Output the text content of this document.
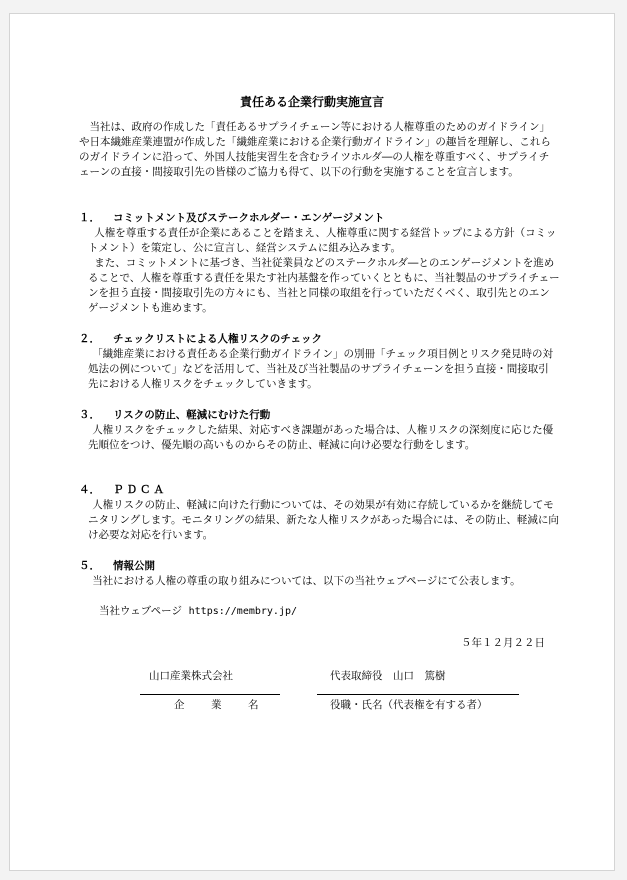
責任ある企業行動実施宣言
当社は、政府の作成した「責任あるサプライチェーン等における人権尊重のためのガイドライン」や日本繊維産業連盟が作成した「繊維産業における企業行動ガイドライン」の趣旨を理解し、これらのガイドラインに沿って、外国人技能実習生を含むライツホルダ―の人権を尊重すべく、サプライチェーンの直接・間接取引先の皆様のご協力も得て、以下の行動を実施することを宣言します。
１． コミットメント及びステークホルダー・エンゲージメント
人権を尊重する責任が企業にあることを踏まえ、人権尊重に関する経営トップによる方針（コミットメント）を策定し、公に宣言し、経営システムに組み込みます。
また、コミットメントに基づき、当社従業員などのステークホルダ―とのエンゲージメントを進めることで、人権を尊重する責任を果たす社内基盤を作っていくとともに、当社製品のサプライチェーンを担う直接・間接取引先の方々にも、当社と同様の取組を行っていただくべく、取引先とのエンゲージメントも進めます。
２． チェックリストによる人権リスクのチェック
「繊維産業における責任ある企業行動ガイドライン」の別冊「チェック項目例とリスク発見時の対処法の例について」などを活用して、当社及び当社製品のサプライチェーンを担う直接・間接取引先における人権リスクをチェックしていきます。
３． リスクの防止、軽減にむけた行動
人権リスクをチェックした結果、対応すべき課題があった場合は、人権リスクの深刻度に応じた優先順位をつけ、優先順の高いものからその防止、軽減に向け必要な行動をします。
４． ＰＤＣＡ
人権リスクの防止、軽減に向けた行動については、その効果が有効に存続しているかを継続してモニタリングします。モニタリングの結果、新たな人権リスクがあった場合には、その防止、軽減に向け必要な対応を行います。
５． 情報公開
当社における人権の尊重の取り組みについては、以下の当社ウェブページにて公表します。
当社ウェブページ https://membry.jp/
５年１２月２２日
山口産業株式会社	代表取締役　山口　篤樹
企　業　名	役職・氏名（代表権を有する者）
